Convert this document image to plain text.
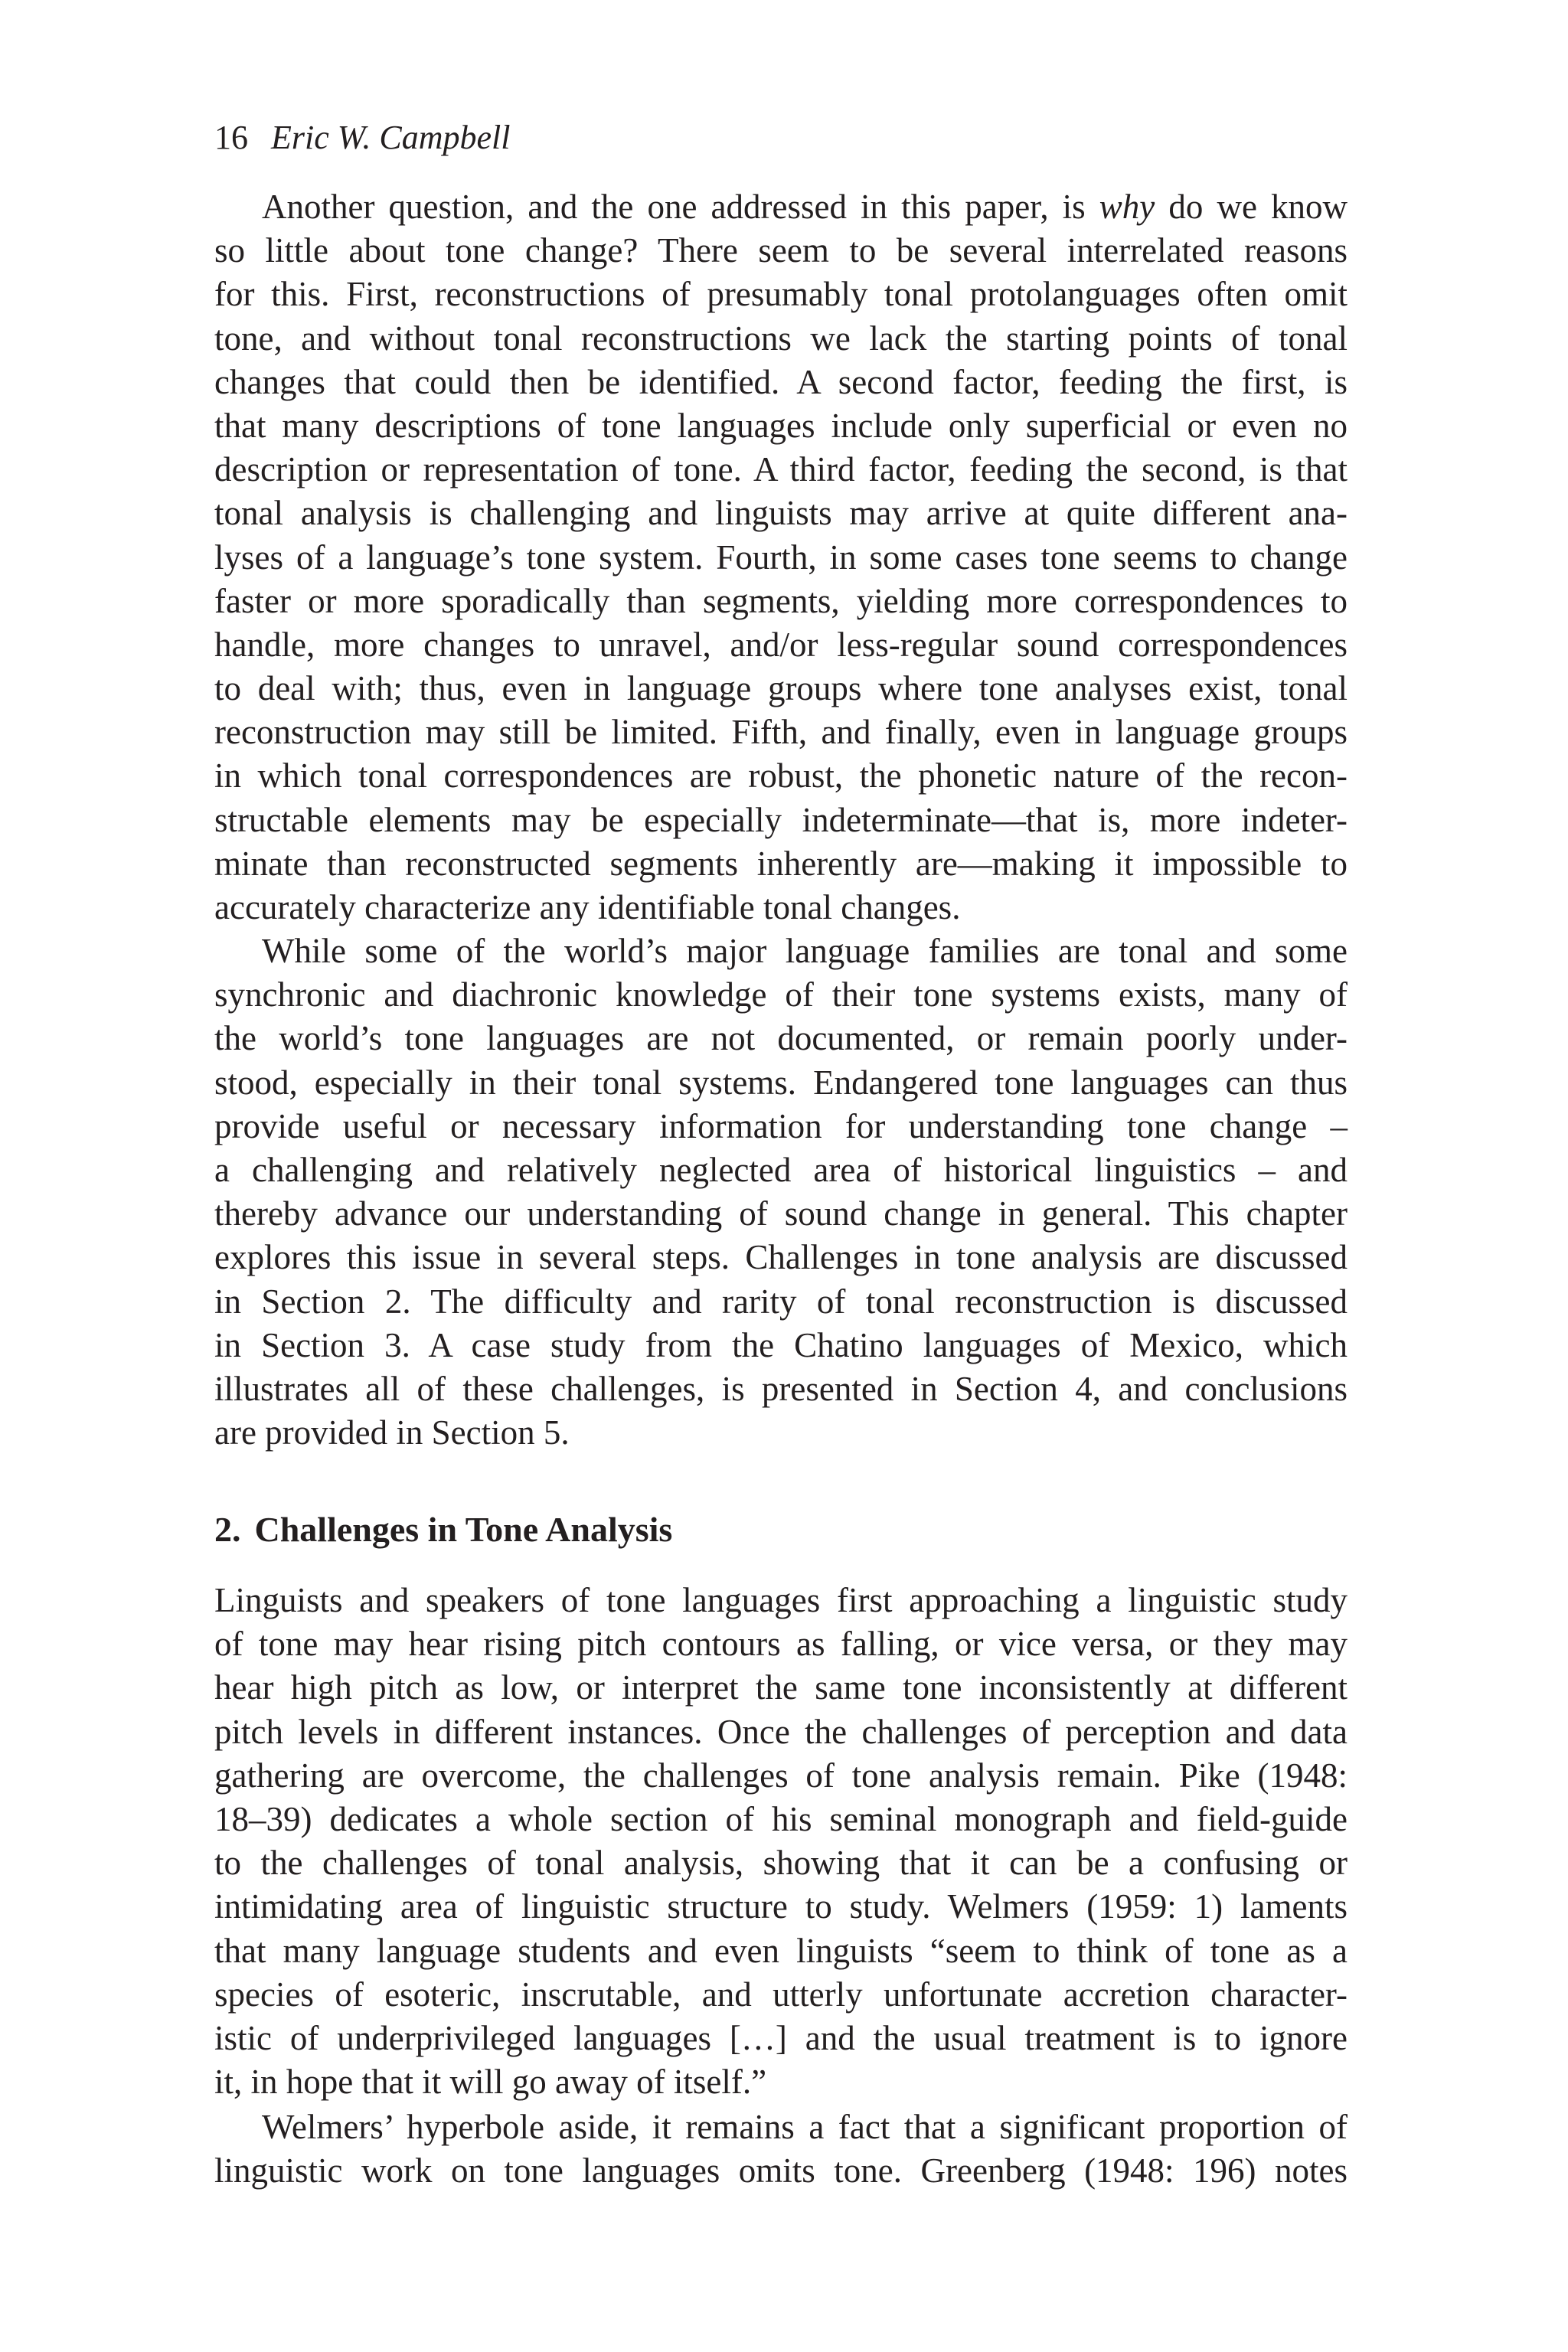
16 Eric W. Campbell
Another question, and the one addressed in this paper, is why do we know
so little about tone change? There seem to be several interrelated reasons
for this. First, reconstructions of presumably tonal protolanguages often omit
tone, and without tonal reconstructions we lack the starting points of tonal
changes that could then be identified. A second factor, feeding the first, is
that many descriptions of tone languages include only superficial or even no
description or representation of tone. A third factor, feeding the second, is that
tonal analysis is challenging and linguists may arrive at quite different ana-
lyses of a language’s tone system. Fourth, in some cases tone seems to change
faster or more sporadically than segments, yielding more correspondences to
handle, more changes to unravel, and/or less-regular sound correspondences
to deal with; thus, even in language groups where tone analyses exist, tonal
reconstruction may still be limited. Fifth, and finally, even in language groups
in which tonal correspondences are robust, the phonetic nature of the recon-
structable elements may be especially indeterminate—that is, more indeter-
minate than reconstructed segments inherently are—making it impossible to
accurately characterize any identifiable tonal changes.
While some of the world’s major language families are tonal and some
synchronic and diachronic knowledge of their tone systems exists, many of
the world’s tone languages are not documented, or remain poorly under-
stood, especially in their tonal systems. Endangered tone languages can thus
provide useful or necessary information for understanding tone change –
a challenging and relatively neglected area of historical linguistics – and
thereby advance our understanding of sound change in general. This chapter
explores this issue in several steps. Challenges in tone analysis are discussed
in Section 2. The difficulty and rarity of tonal reconstruction is discussed
in Section 3. A case study from the Chatino languages of Mexico, which
illustrates all of these challenges, is presented in Section 4, and conclusions
are provided in Section 5.
2. Challenges in Tone Analysis
Linguists and speakers of tone languages first approaching a linguistic study
of tone may hear rising pitch contours as falling, or vice versa, or they may
hear high pitch as low, or interpret the same tone inconsistently at different
pitch levels in different instances. Once the challenges of perception and data
gathering are overcome, the challenges of tone analysis remain. Pike (1948:
18–39) dedicates a whole section of his seminal monograph and field-guide
to the challenges of tonal analysis, showing that it can be a confusing or
intimidating area of linguistic structure to study. Welmers (1959: 1) laments
that many language students and even linguists “seem to think of tone as a
species of esoteric, inscrutable, and utterly unfortunate accretion character-
istic of underprivileged languages […] and the usual treatment is to ignore
it, in hope that it will go away of itself.”
Welmers’ hyperbole aside, it remains a fact that a significant proportion of
linguistic work on tone languages omits tone. Greenberg (1948: 196) notes
